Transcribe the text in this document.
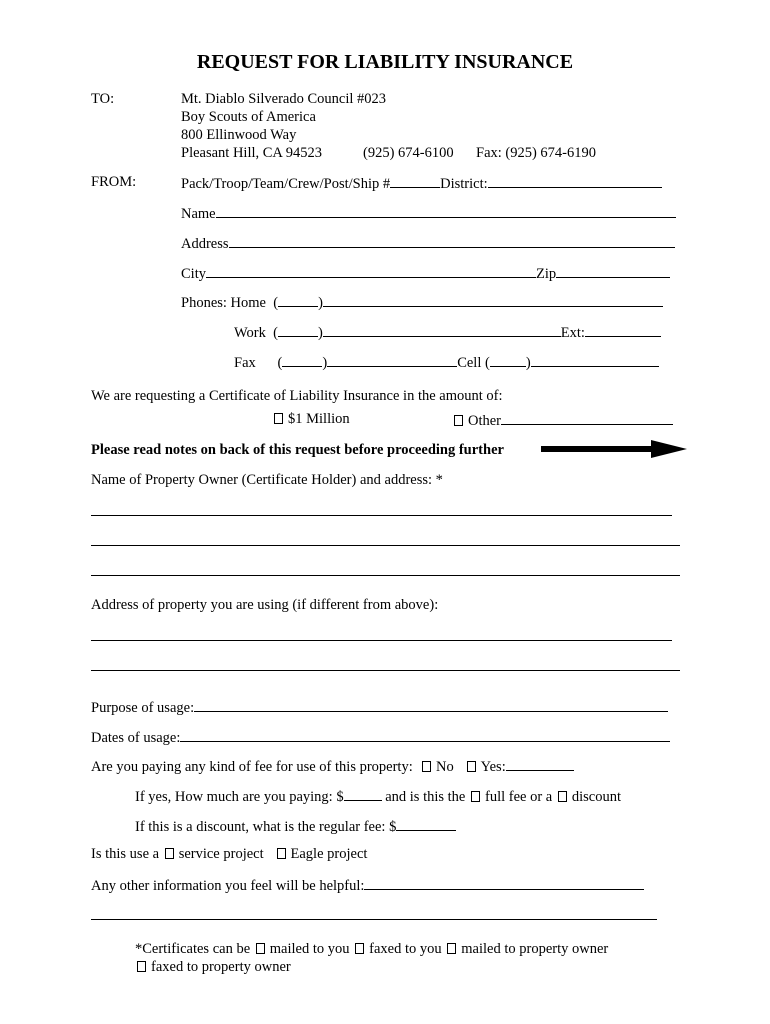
REQUEST FOR LIABILITY INSURANCE
TO:	Mt. Diablo Silverado Council #023
Boy Scouts of America
800 Ellinwood Way
Pleasant Hill, CA 94523	(925) 674-6100 Fax: (925) 674-6190
FROM:	Pack/Troop/Team/Crew/Post/Ship #	District:
Name
Address
City	Zip
Phones: Home (	)
Work (	)	Ext:
Fax (	)	Cell ( )
We are requesting a Certificate of Liability Insurance in the amount of:
$1 Million	Other
Please read notes on back of this request before proceeding further
Name of Property Owner (Certificate Holder) and address: *
Address of property you are using (if different from above):
Purpose of usage:
Dates of usage:
Are you paying any kind of fee for use of this property: No Yes:
If yes, How much are you paying: $	and is this the full fee or a discount
If this is a discount, what is the regular fee: $
Is this use a service project Eagle project
Any other information you feel will be helpful:
*Certificates can be mailed to you faxed to you mailed to property owner
faxed to property owner
